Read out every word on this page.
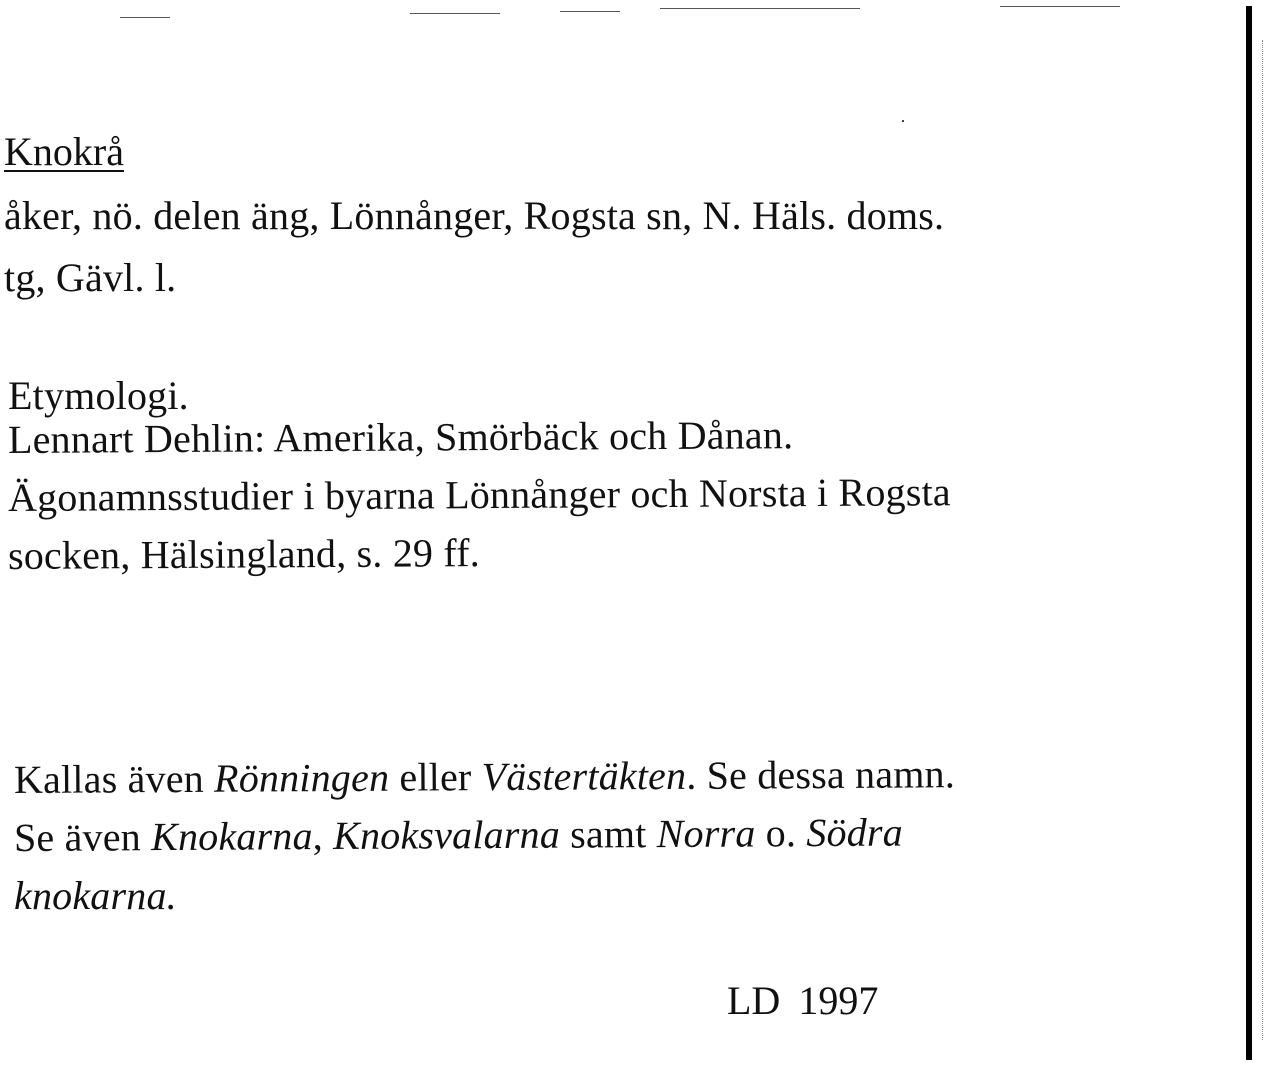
Knokrå
åker, nö. delen äng, Lönnånger, Rogsta sn, N. Häls. doms.
tg, Gävl. l.
Etymologi.
Lennart Dehlin: Amerika, Smörbäck och Dånan.
Ägonamnsstudier i byarna Lönnånger och Norsta i Rogsta
socken, Hälsingland, s. 29 ff.
Kallas även Rönningen eller Västertäkten. Se dessa namn.
Se även Knokarna, Knoksvalarna samt Norra o. Södra
knokarna.
LD 1997
